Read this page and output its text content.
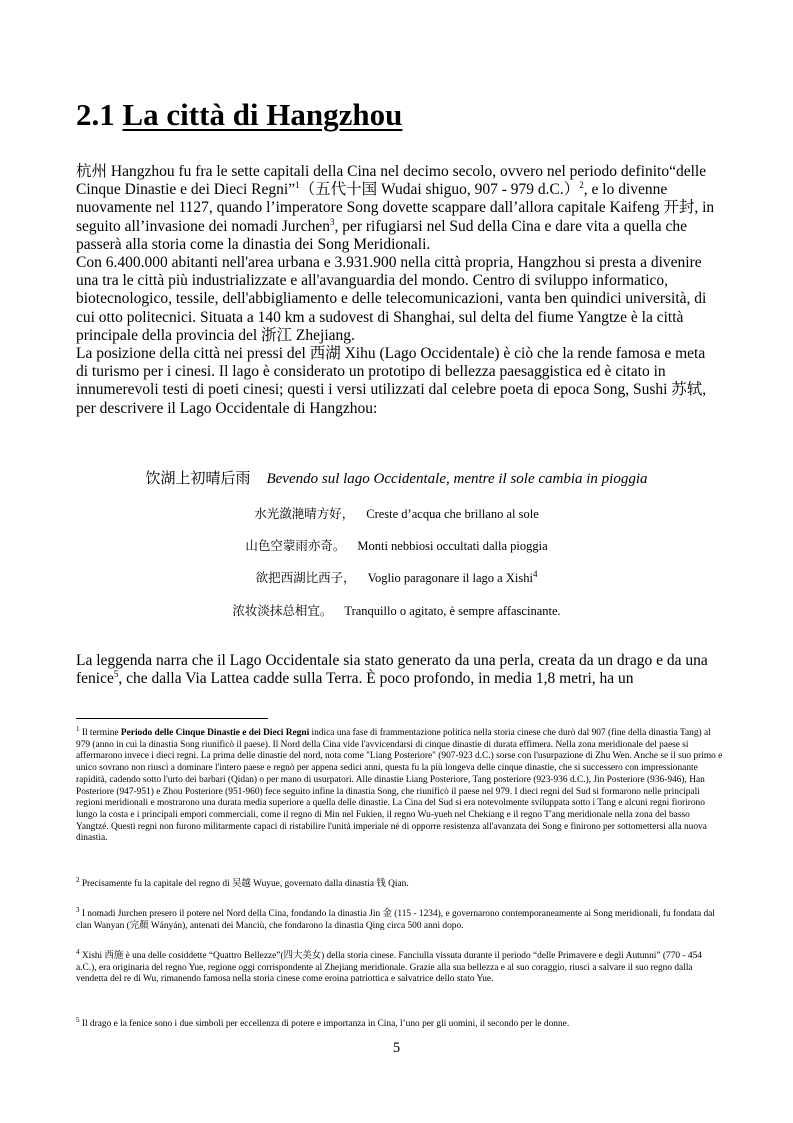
2.1 La città di Hangzhou

杭州 Hangzhou fu fra le sette capitali della Cina nel decimo secolo, ovvero nel periodo definito“delle Cinque Dinastie e dei Dieci Regni”$^1$（五代十国 Wudai shiguo, 907 - 979 d.C.）$^2$, e lo divenne nuovamente nel 1127, quando l’imperatore Song dovette scappare dall’allora capitale Kaifeng 开封, in seguito all’invasione dei nomadi Jurchen$^3$, per rifugiarsi nel Sud della Cina e dare vita a quella che passerà alla storia come la dinastia dei Song Meridionali.

Con 6.400.000 abitanti nell'area urbana e 3.931.900 nella città propria, Hangzhou si presta a divenire una tra le città più industrializzate e all'avanguardia del mondo. Centro di sviluppo informatico, biotecnologico, tessile, dell'abbigliamento e delle telecomunicazioni, vanta ben quindici università, di cui otto politecnici. Situata a 140 km a sudovest di Shanghai, sul delta del fiume Yangtze è la città principale della provincia del 浙江 Zhejiang.

La posizione della città nei pressi del 西湖 Xihu (Lago Occidentale) è ciò che la rende famosa e meta di turismo per i cinesi. Il lago è considerato un prototipo di bellezza paesaggistica ed è citato in innumerevoli testi di poeti cinesi; questi i versi utilizzati dal celebre poeta di epoca Song, Sushi 苏轼, per descrivere il Lago Occidentale di Hangzhou:

饮湖上初晴后雨 Bevendo sul lago Occidentale, mentre il sole cambia in pioggia
水光潋滟晴方好， Creste d’acqua che brillano al sole
山色空蒙雨亦奇。 Monti nebbiosi occultati dalla pioggia
欲把西湖比西子， Voglio paragonare il lago a Xishi$^4$
浓妆淡抹总相宜。 Tranquillo o agitato, è sempre affascinante.
La leggenda narra che il Lago Occidentale sia stato generato da una perla, creata da un drago e da una fenice$^5$, che dalla Via Lattea cadde sulla Terra. È poco profondo, in media 1,8 metri, ha un

$^1$ Il termine Periodo delle Cinque Dinastie e dei Dieci Regni indica una fase di frammentazione politica nella storia cinese che durò dal 907 (fine della dinastia Tang) al 979 (anno in cui la dinastia Song riunificò il paese). Il Nord della Cina vide l'avvicendarsi di cinque dinastie di durata effimera. Nella zona meridionale del paese si affermarono invece i dieci regni. La prima delle dinastie del nord, nota come "Liang Posteriore" (907-923 d.C.) sorse con l'usurpazione di Zhu Wen. Anche se il suo primo e unico sovrano non riuscì a dominare l'intero paese e regnò per appena sedici anni, questa fu la più longeva delle cinque dinastie, che si successero con impressionante rapidità, cadendo sotto l'urto dei barbari (Qidan) o per mano di usurpatori. Alle dinastie Liang Posteriore, Tang posteriore (923-936 d.C.), Jin Posteriore (936-946), Han Posteriore (947-951) e Zhou Posteriore (951-960) fece seguito infine la dinastia Song, che riunificò il paese nel 979. I dieci regni del Sud si formarono nelle principali regioni meridionali e mostrarono una durata media superiore a quella delle dinastie. La Cina del Sud si era notevolmente sviluppata sotto i Tang e alcuni regni fiorirono lungo la costa e i principali empori commerciali, come il regno di Min nel Fukien, il regno Wu-yueh nel Chekiang e il regno T'ang meridionale nella zona del basso Yangtzé. Questi regni non furono militarmente capaci di ristabilire l'unità imperiale né di opporre resistenza all'avanzata dei Song e finirono per sottomettersi alla nuova dinastia.

$^2$ Precisamente fu la capitale del regno di 吴越 Wuyue, governato dalla dinastia 钱 Qian.

$^3$ I nomadi Jurchen presero il potere nel Nord della Cina, fondando la dinastia Jin 金 (115 - 1234), e governarono contemporaneamente ai Song meridionali, fu fondata dal clan Wanyan (完顏 Wányán), antenati dei Manciù, che fondarono la dinastia Qing circa 500 anni dopo.

$^4$ Xishi 西施 è una delle cosiddette “Quattro Bellezze”(四大美女) della storia cinese. Fanciulla vissuta durante il periodo “delle Primavere e degli Autunni” (770 - 454 a.C.), era originaria del regno Yue, regione oggi corrispondente al Zhejiang meridionale. Grazie alla sua bellezza e al suo coraggio, riuscì a salvare il suo regno dalla vendetta del re di Wu, rimanendo famosa nella storia cinese come eroina patriottica e salvatrice dello stato Yue.

$^5$ Il drago e la fenice sono i due simboli per eccellenza di potere e importanza in Cina, l’uno per gli uomini, il secondo per le donne.

5
